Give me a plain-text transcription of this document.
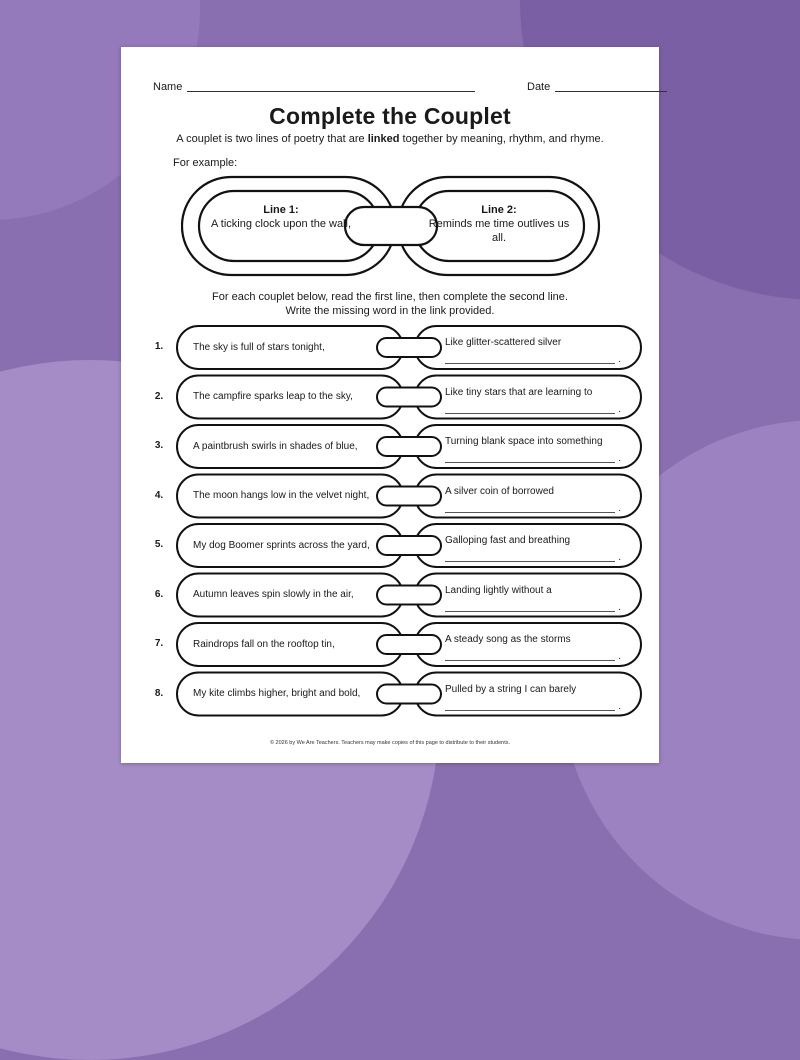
Name	Date
Complete the Couplet
A couplet is two lines of poetry that are linked together by meaning, rhythm, and rhyme.
For example:
Line 1:
A ticking clock upon the wall,
Line 2:
Reminds me time outlives us all.
For each couplet below, read the first line, then complete the second line.
Write the missing word in the link provided.
1.	The sky is full of stars tonight,	Like glitter-scattered silver
.
2.	The campfire sparks leap to the sky,	Like tiny stars that are learning to
.
3.	A paintbrush swirls in shades of blue,	Turning blank space into something
.
4.	The moon hangs low in the velvet night,	A silver coin of borrowed
.
5.	My dog Boomer sprints across the yard,	Galloping fast and breathing
.
6.	Autumn leaves spin slowly in the air,	Landing lightly without a
.
7.	Raindrops fall on the rooftop tin,	A steady song as the storms
.
8.	My kite climbs higher, bright and bold,	Pulled by a string I can barely
.
© 2026 by We Are Teachers. Teachers may make copies of this page to distribute to their students.
